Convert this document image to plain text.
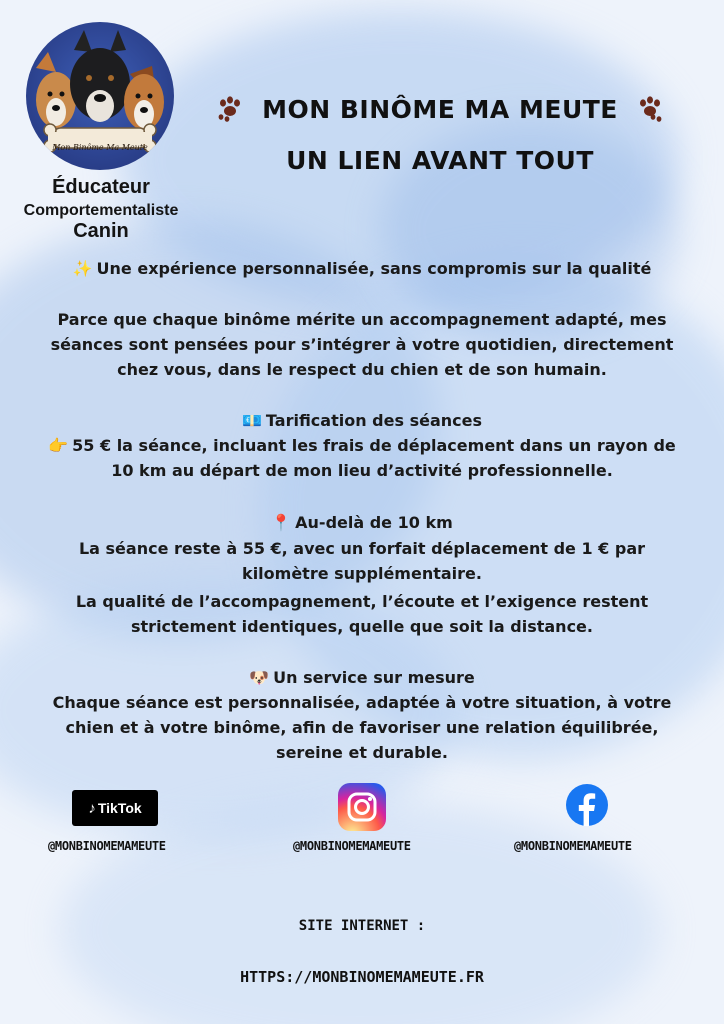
Mon Binôme Ma Meute
Éducateur
Comportementaliste
Canin
MON BINÔME MA MEUTE
UN LIEN AVANT TOUT
✨ Une expérience personnalisée, sans compromis sur la qualité
Parce que chaque binôme mérite un accompagnement adapté, mes
séances sont pensées pour s’intégrer à votre quotidien, directement
chez vous, dans le respect du chien et de son humain.
💶 Tarification des séances
👉 55 € la séance, incluant les frais de déplacement dans un rayon de
10 km au départ de mon lieu d’activité professionnelle.
📍 Au-delà de 10 km
La séance reste à 55 €, avec un forfait déplacement de 1 € par
kilomètre supplémentaire.
La qualité de l’accompagnement, l’écoute et l’exigence restent
strictement identiques, quelle que soit la distance.
🐶 Un service sur mesure
Chaque séance est personnalisée, adaptée à votre situation, à votre
chien et à votre binôme, afin de favoriser une relation équilibrée,
sereine et durable.
♪ TikTok
@MONBINOMEMAMEUTE	@MONBINOMEMAMEUTE	@MONBINOMEMAMEUTE
SITE INTERNET :
HTTPS://MONBINOMEMAMEUTE.FR
